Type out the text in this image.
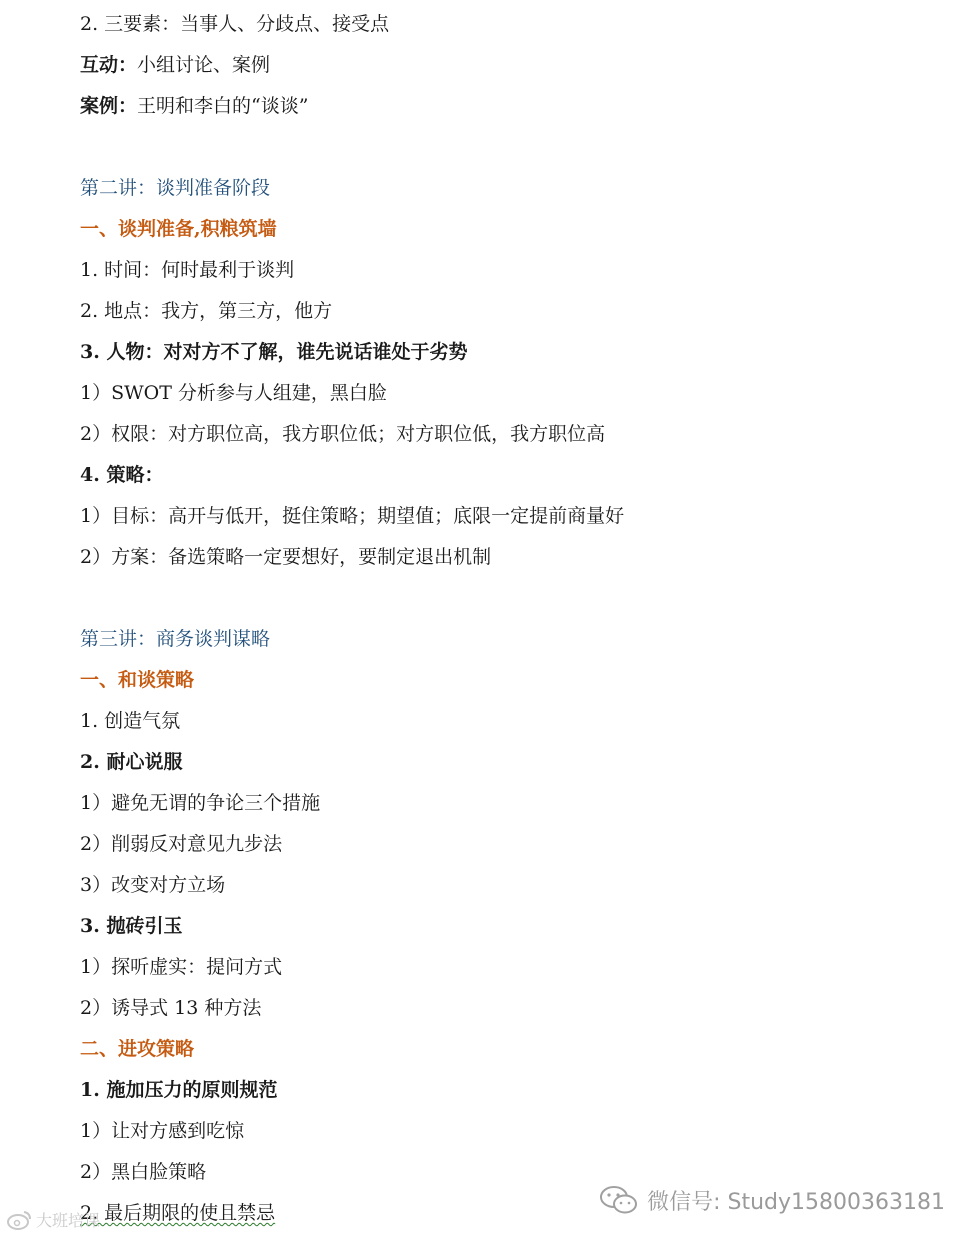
2. 三要素：当事人、分歧点、接受点
互动：小组讨论、案例
案例：王明和李白的“谈谈”
第二讲：谈判准备阶段
一、谈判准备,积粮筑墙
1. 时间：何时最利于谈判
2. 地点：我方，第三方，他方
3. 人物：对对方不了解，谁先说话谁处于劣势
1）SWOT 分析参与人组建，黑白脸
2）权限：对方职位高，我方职位低；对方职位低，我方职位高
4. 策略：
1）目标：高开与低开，挺住策略；期望值；底限一定提前商量好
2）方案：备选策略一定要想好，要制定退出机制
第三讲：商务谈判谋略
一、和谈策略
1. 创造气氛
2. 耐心说服
1）避免无谓的争论三个措施
2）削弱反对意见九步法
3）改变对方立场
3. 抛砖引玉
1）探听虚实：提问方式
2）诱导式 13 种方法
二、进攻策略
1. 施加压力的原则规范
1）让对方感到吃惊
2）黑白脸策略
2. 最后期限的使且禁忌	微信号: Study15800363181
大班培课
